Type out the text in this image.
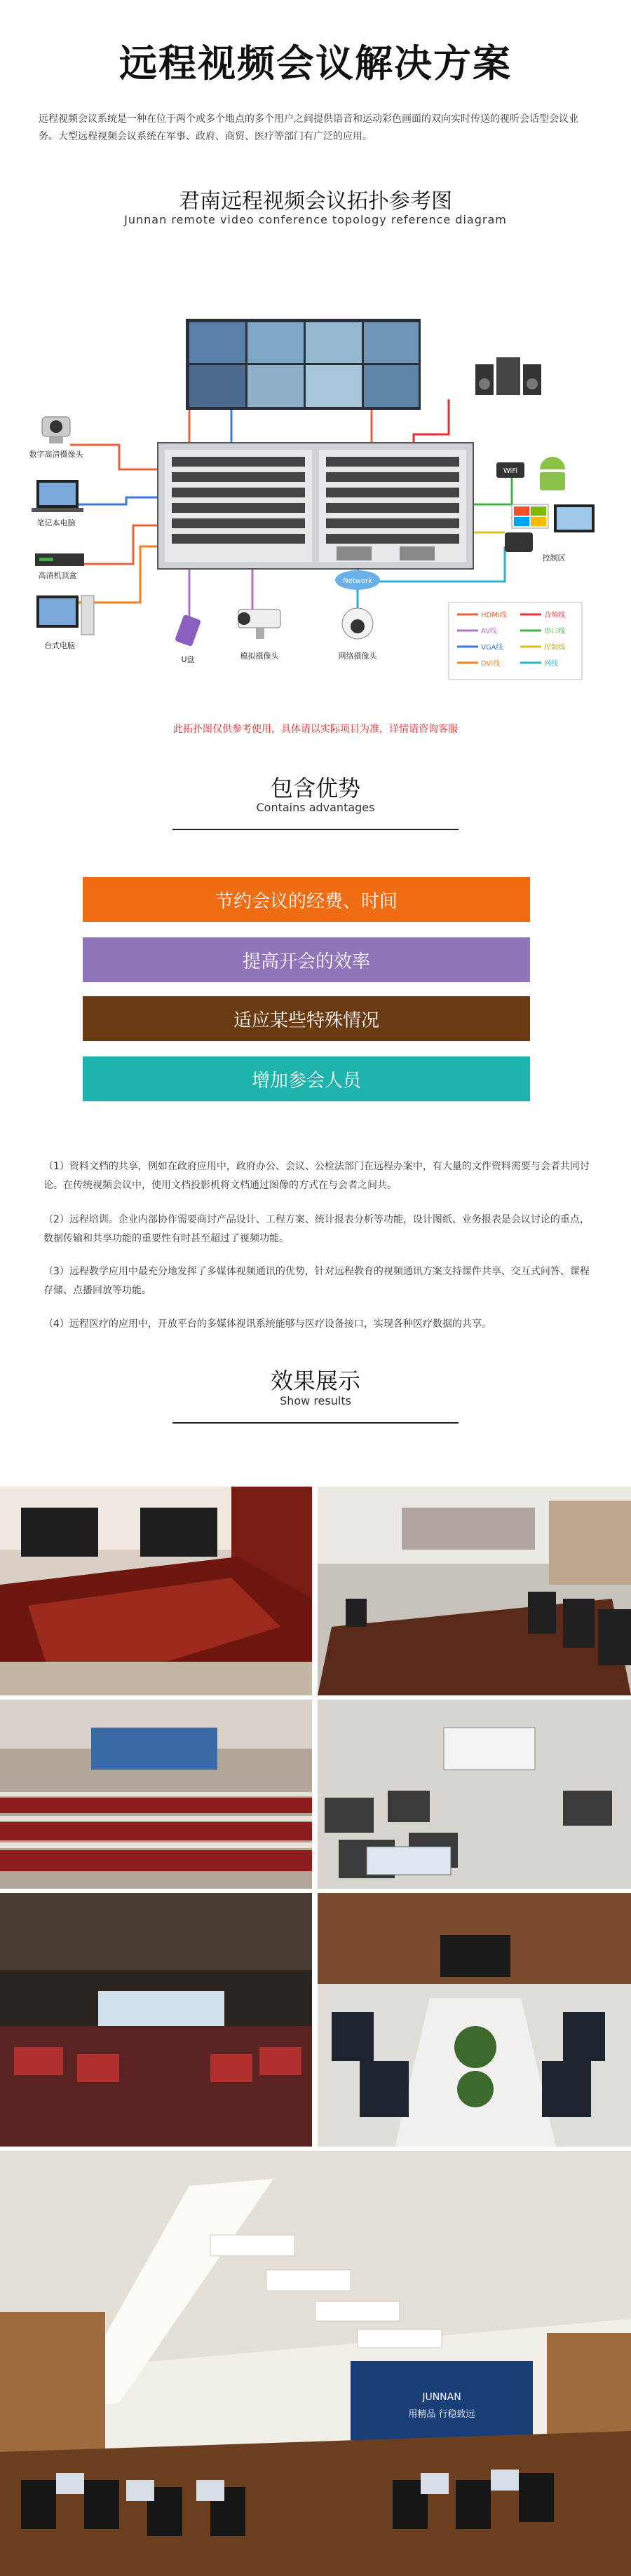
远程视频会议解决方案
远程视频会议系统是一种在位于两个或多个地点的多个用户之间提供语音和运动彩色画面的双向实时传送的视听会话型会议业务。大型远程视频会议系统在军事、政府、商贸、医疗等部门有广泛的应用。
君南远程视频会议拓扑参考图
Junnan remote video conference topology reference diagram
数字高清摄像头
笔记本电脑
高清机顶盒
台式电脑
U盘	模拟摄像头
Network
网络摄像头
WiFi
控制区
HDMI线	音频线
AV线	串口线
VGA线	控制线
DVI线	网线
此拓扑图仅供参考使用，具体请以实际项目为准，详情请咨询客服
包含优势
Contains advantages
节约会议的经费、时间
提高开会的效率
适应某些特殊情况
增加参会人员
（1）资料文档的共享，例如在政府应用中，政府办公、会议、公检法部门在远程办案中，有大量的文件资料需要与会者共同讨论。在传统视频会议中，使用文档投影机将文档通过图像的方式在与会者之间共。
（2）远程培训。企业内部协作需要商讨产品设计、工程方案、统计报表分析等功能，设计图纸、业务报表是会议讨论的重点，数据传输和共享功能的重要性有时甚至超过了视频功能。
（3）远程教学应用中最充分地发挥了多媒体视频通讯的优势，针对远程教育的视频通讯方案支持课件共享、交互式问答、课程存储、点播回放等功能。
（4）远程医疗的应用中，开放平台的多媒体视讯系统能够与医疗设备接口，实现各种医疗数据的共享。
效果展示
Show results
JUNNAN
用精品 行稳致远
